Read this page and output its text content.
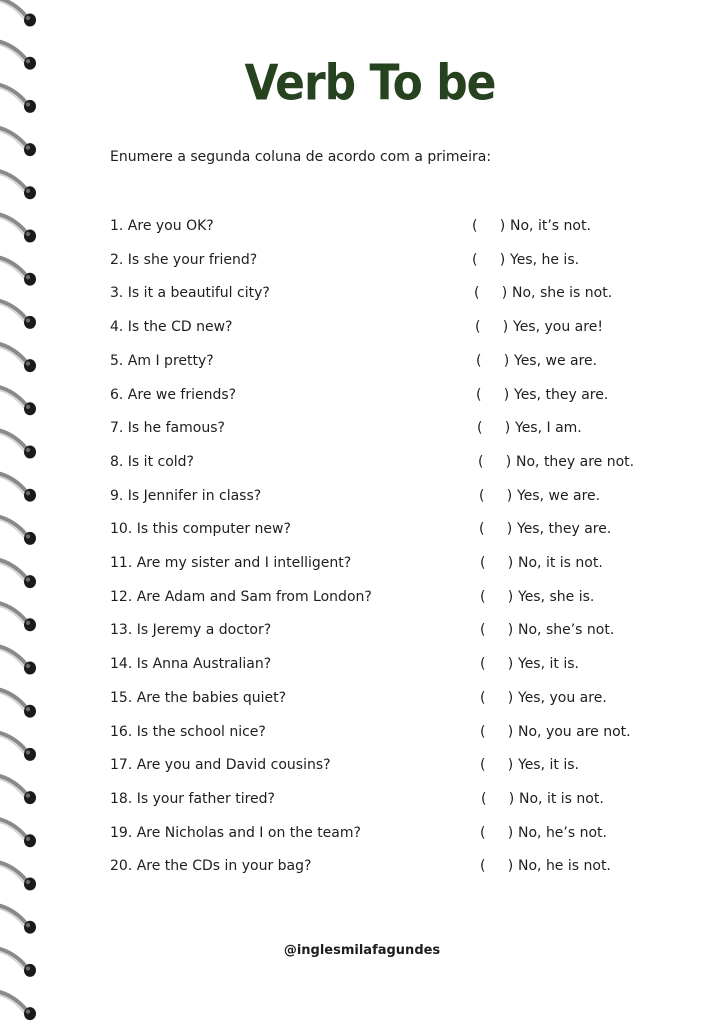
Verb To be
Enumere a segunda coluna de acordo com a primeira:
1. Are you OK?	(     ) No, it’s not.
2. Is she your friend?	(     ) Yes, he is.
3. Is it a beautiful city?	(     ) No, she is not.
4. Is the CD new?	(     ) Yes, you are!
5. Am I pretty?	(     ) Yes, we are.
6. Are we friends?	(     ) Yes, they are.
7. Is he famous?	(     ) Yes, I am.
8. Is it cold?	(     ) No, they are not.
9. Is Jennifer in class?	(     ) Yes, we are.
10. Is this computer new?	(     ) Yes, they are.
11. Are my sister and I intelligent?	(     ) No, it is not.
12. Are Adam and Sam from London?	(     ) Yes, she is.
13. Is Jeremy a doctor?	(     ) No, she’s not.
14. Is Anna Australian?	(     ) Yes, it is.
15. Are the babies quiet?	(     ) Yes, you are.
16. Is the school nice?	(     ) No, you are not.
17. Are you and David cousins?	(     ) Yes, it is.
18. Is your father tired?	(     ) No, it is not.
19. Are Nicholas and I on the team?	(     ) No, he’s not.
20. Are the CDs in your bag?	(     ) No, he is not.
@inglesmilafagundes
